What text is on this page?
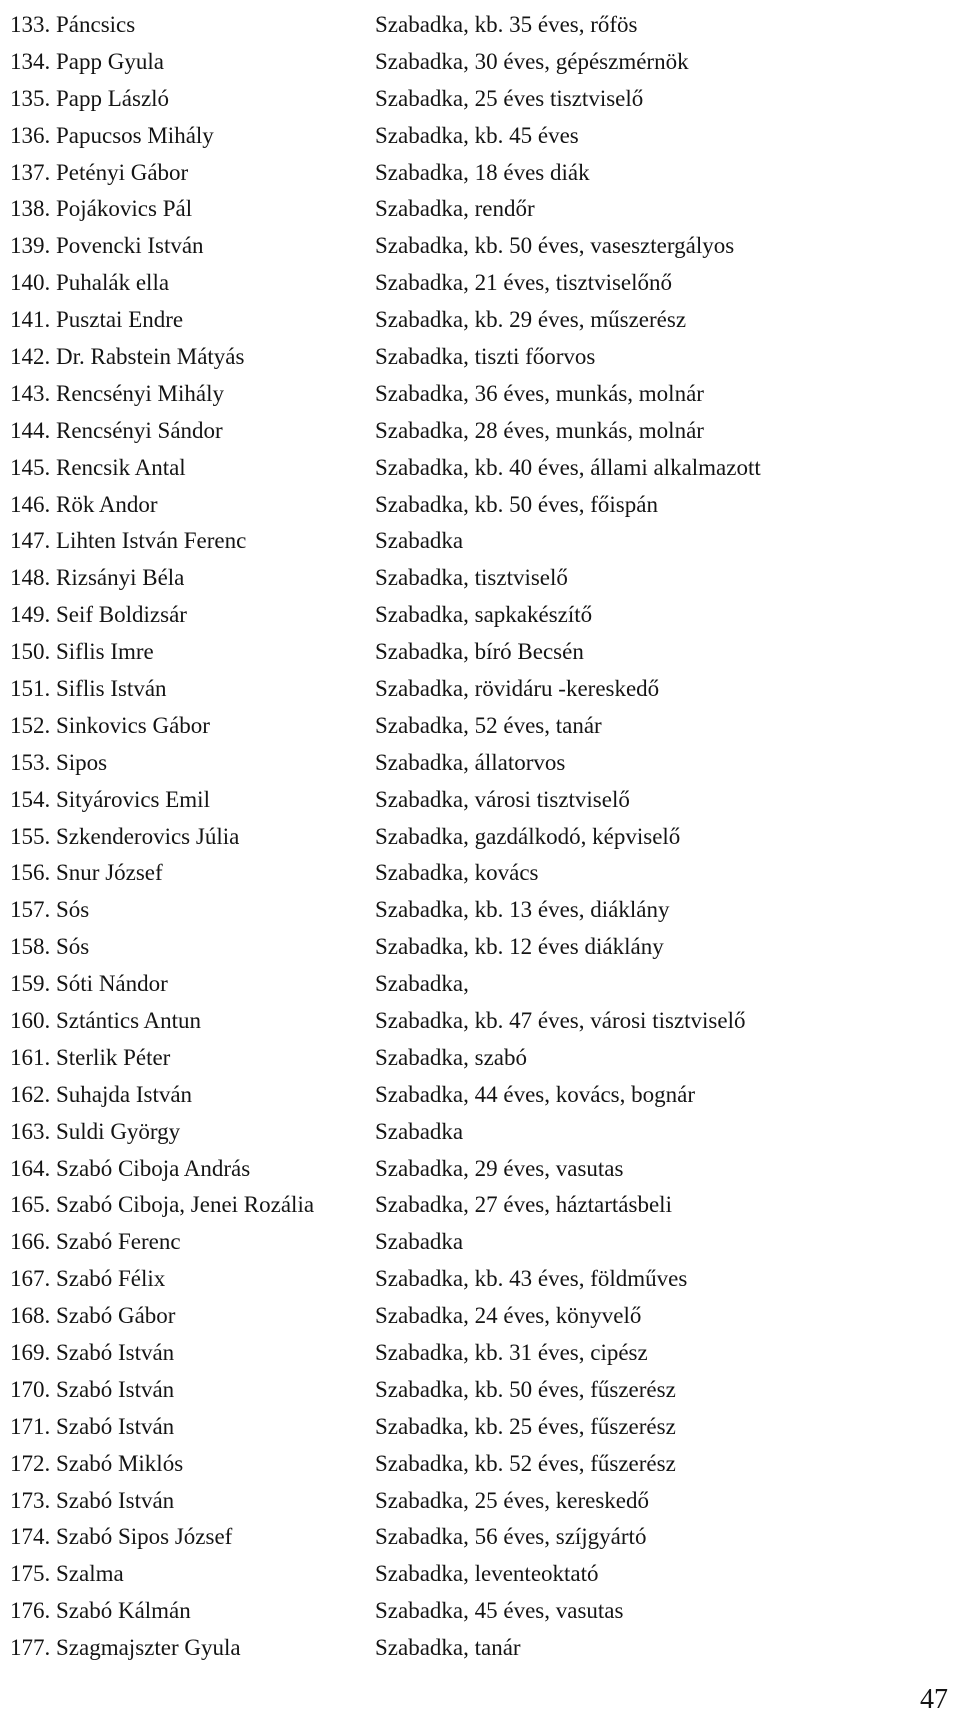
133. Páncsics	Szabadka, kb. 35 éves, rőfös
134. Papp Gyula	Szabadka, 30 éves, gépészmérnök
135. Papp László	Szabadka, 25 éves tisztviselő
136. Papucsos Mihály	Szabadka, kb. 45 éves
137. Petényi Gábor	Szabadka, 18 éves diák
138. Pojákovics Pál	Szabadka, rendőr
139. Povencki István	Szabadka, kb. 50 éves, vasesztergályos
140. Puhalák ella	Szabadka, 21 éves, tisztviselőnő
141. Pusztai Endre	Szabadka, kb. 29 éves, műszerész
142. Dr. Rabstein Mátyás	Szabadka, tiszti főorvos
143. Rencsényi Mihály	Szabadka, 36 éves, munkás, molnár
144. Rencsényi Sándor	Szabadka, 28 éves, munkás, molnár
145. Rencsik Antal	Szabadka, kb. 40 éves, állami alkalmazott
146. Rök Andor	Szabadka, kb. 50 éves, főispán
147. Lihten István Ferenc	Szabadka
148. Rizsányi Béla	Szabadka, tisztviselő
149. Seif Boldizsár	Szabadka, sapkakészítő
150. Siflis Imre	Szabadka, bíró Becsén
151. Siflis István	Szabadka, rövidáru -kereskedő
152. Sinkovics Gábor	Szabadka, 52 éves, tanár
153. Sipos	Szabadka, állatorvos
154. Sityárovics Emil	Szabadka, városi tisztviselő
155. Szkenderovics Júlia	Szabadka, gazdálkodó, képviselő
156. Snur József	Szabadka, kovács
157. Sós	Szabadka, kb. 13 éves, diáklány
158. Sós	Szabadka, kb. 12 éves diáklány
159. Sóti Nándor	Szabadka,
160. Sztántics Antun	Szabadka, kb. 47 éves, városi tisztviselő
161. Sterlik Péter	Szabadka, szabó
162. Suhajda István	Szabadka, 44 éves, kovács, bognár
163. Suldi György	Szabadka
164. Szabó Ciboja András	Szabadka, 29 éves, vasutas
165. Szabó Ciboja, Jenei Rozália	Szabadka, 27 éves, háztartásbeli
166. Szabó Ferenc	Szabadka
167. Szabó Félix	Szabadka, kb. 43 éves, földműves
168. Szabó Gábor	Szabadka, 24 éves, könyvelő
169. Szabó István	Szabadka, kb. 31 éves, cipész
170. Szabó István	Szabadka, kb. 50 éves, fűszerész
171. Szabó István	Szabadka, kb. 25 éves, fűszerész
172. Szabó Miklós	Szabadka, kb. 52 éves, fűszerész
173. Szabó István	Szabadka, 25 éves, kereskedő
174. Szabó Sipos József	Szabadka, 56 éves, szíjgyártó
175. Szalma	Szabadka, leventeoktató
176. Szabó Kálmán	Szabadka, 45 éves, vasutas
177. Szagmajszter Gyula	Szabadka, tanár
47
